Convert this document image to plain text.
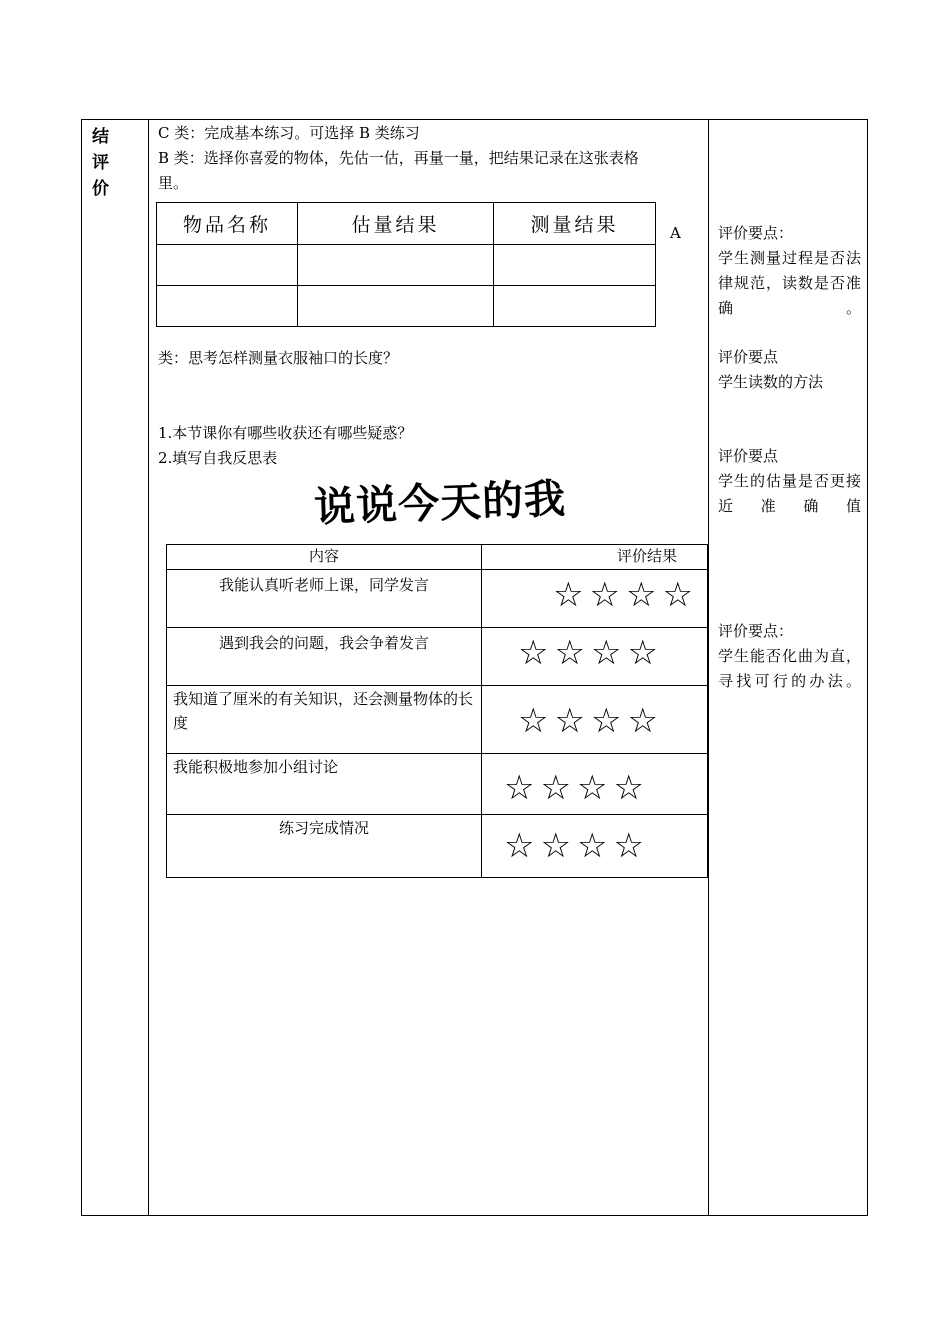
结
评
价
C 类：完成基本练习。可选择 B 类练习
B 类：选择你喜爱的物体，先估一估，再量一量，把结果记录在这张表格
里。
物品名称	估量结果	测量结果

			A
类：思考怎样测量衣服袖口的长度？
1.本节课你有哪些收获还有哪些疑惑？
2.填写自我反思表
说说今天的我
内容	评价结果
我能认真听老师上课，同学发言	☆☆☆☆
遇到我会的问题，我会争着发言	☆☆☆☆
我知道了厘米的有关知识，还会测量物体的长度	☆☆☆☆
我能积极地参加小组讨论	☆☆☆☆
练习完成情况	☆☆☆☆
评价要点：
学生测量过程是否法律规范，读数是否准确。
评价要点
学生读数的方法
评价要点
学生的估量是否更接近准确值
评价要点：
学生能否化曲为直，寻找可行的办法。
